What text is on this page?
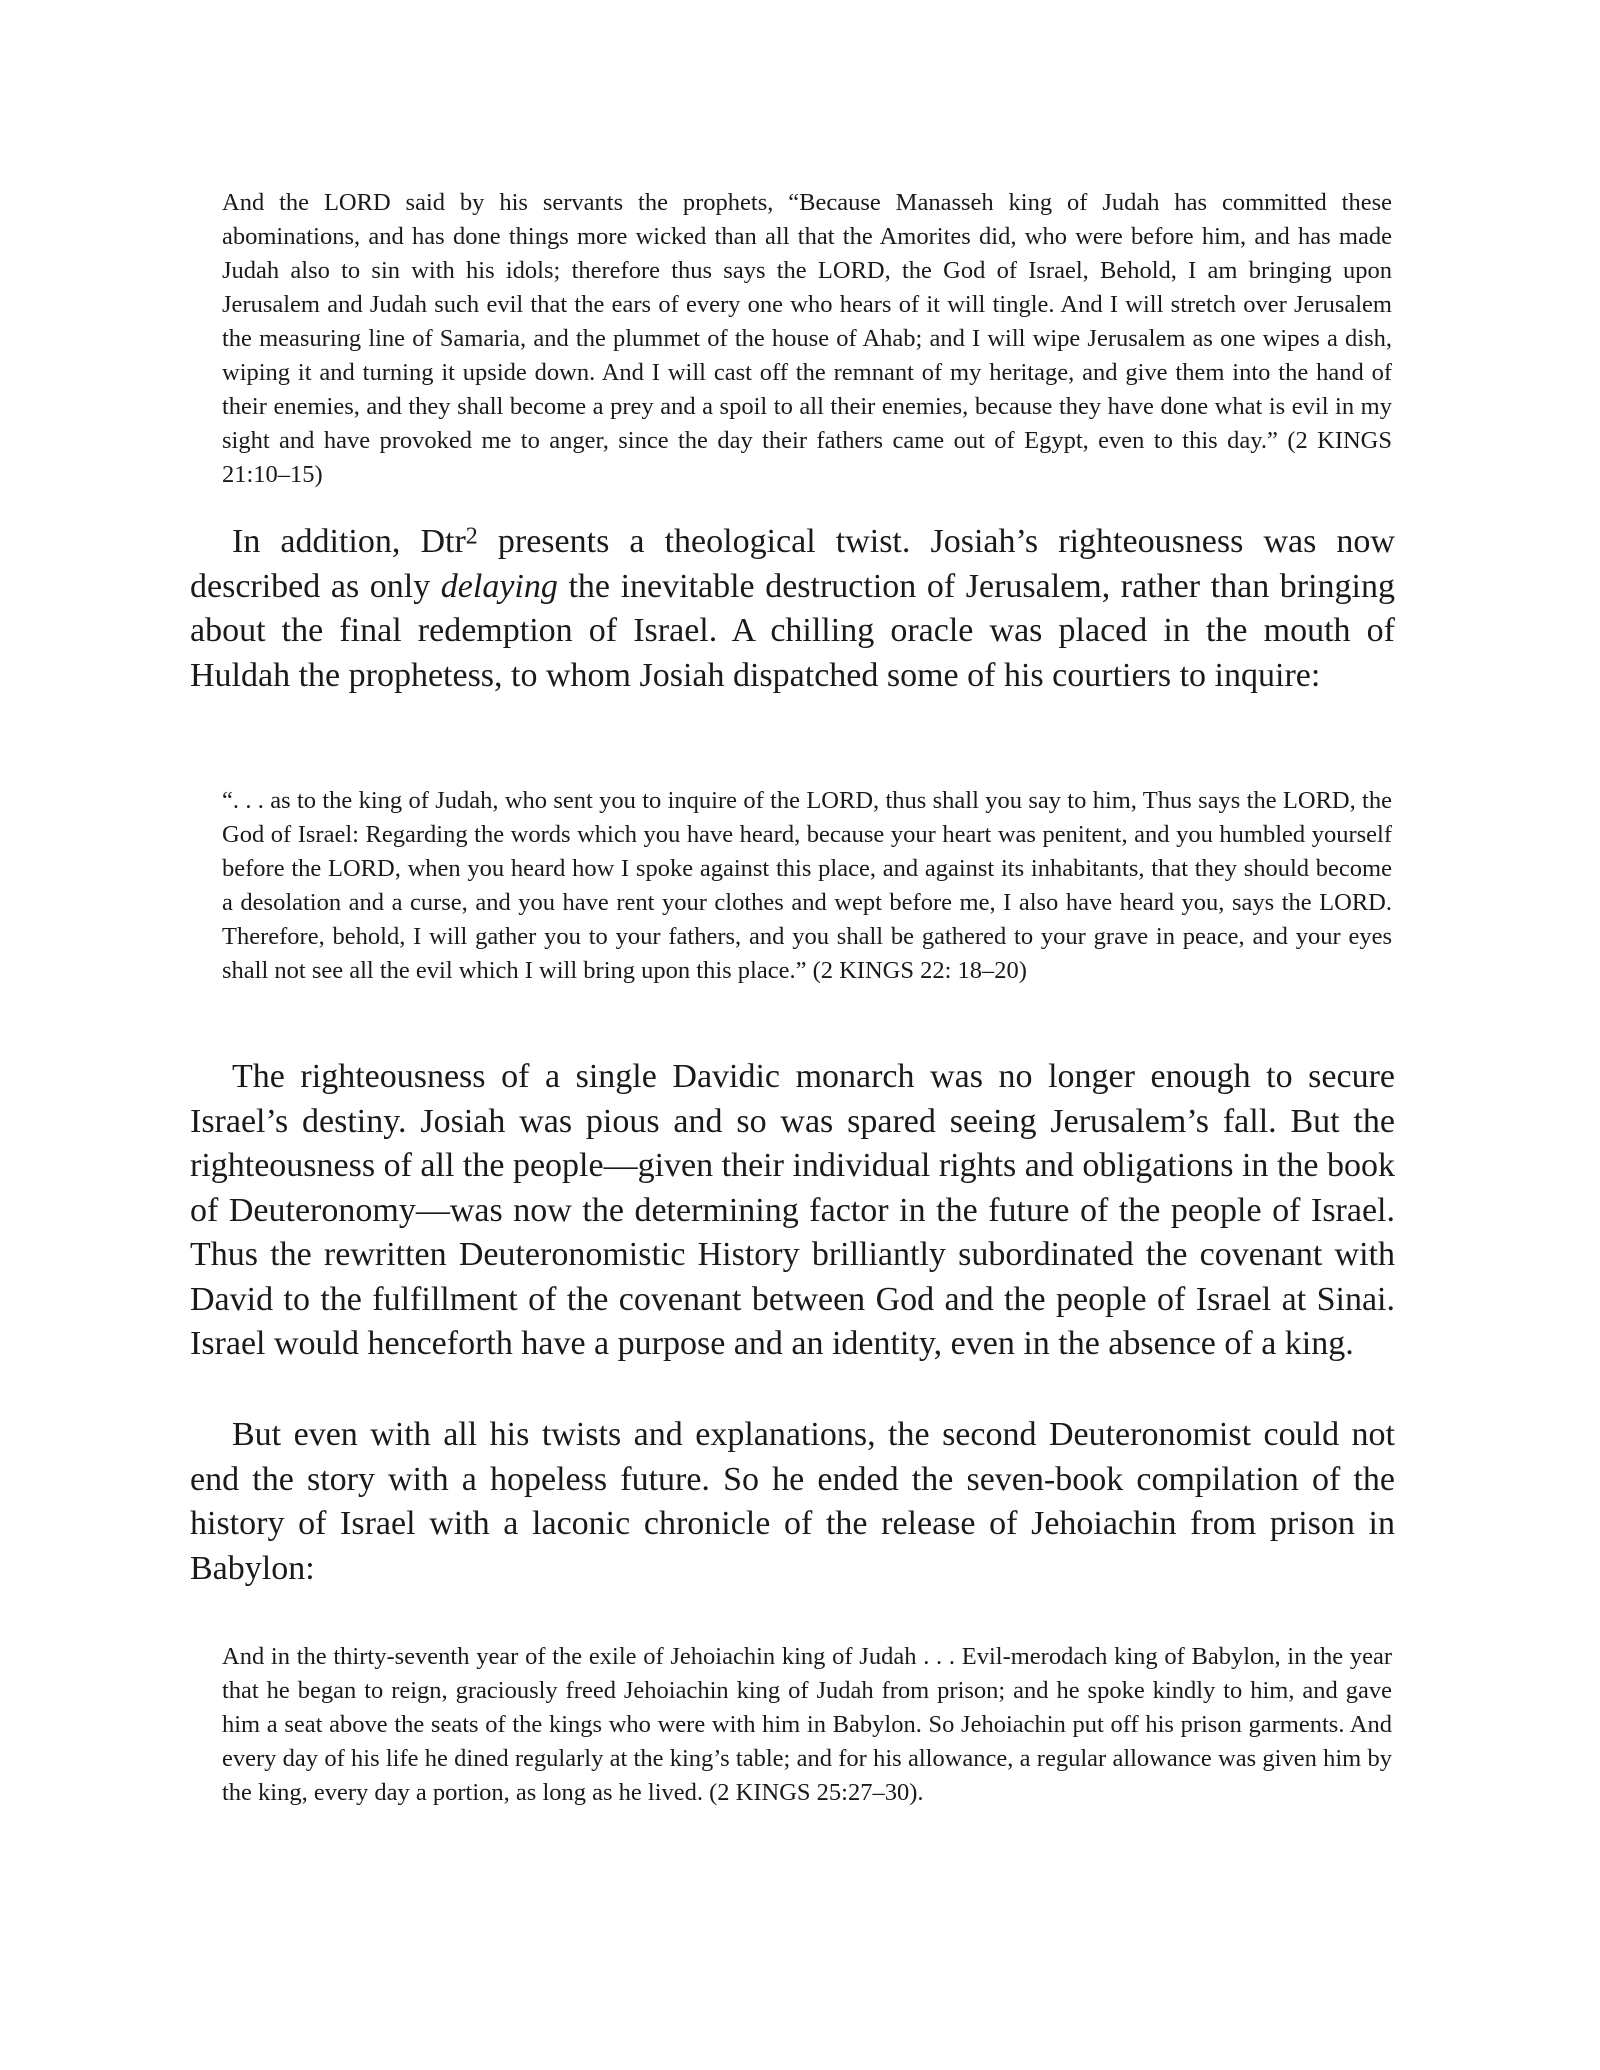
And the LORD said by his servants the prophets, “Because Manasseh king of Judah has committed these abominations, and has done things more wicked than all that the Amorites did, who were before him, and has made Judah also to sin with his idols; therefore thus says the LORD, the God of Israel, Behold, I am bringing upon Jerusalem and Judah such evil that the ears of every one who hears of it will tingle. And I will stretch over Jerusalem the measuring line of Samaria, and the plummet of the house of Ahab; and I will wipe Jerusalem as one wipes a dish, wiping it and turning it upside down. And I will cast off the remnant of my heritage, and give them into the hand of their enemies, and they shall become a prey and a spoil to all their enemies, because they have done what is evil in my sight and have provoked me to anger, since the day their fathers came out of Egypt, even to this day.” (2 KINGS 21:10–15)

In addition, Dtr$^2$ presents a theological twist. Josiah’s righteousness was now described as only delaying the inevitable destruction of Jerusalem, rather than bringing about the final redemption of Israel. A chilling oracle was placed in the mouth of Huldah the prophetess, to whom Josiah dispatched some of his courtiers to inquire:

“. . . as to the king of Judah, who sent you to inquire of the LORD, thus shall you say to him, Thus says the LORD, the God of Israel: Regarding the words which you have heard, because your heart was penitent, and you humbled yourself before the LORD, when you heard how I spoke against this place, and against its inhabitants, that they should become a desolation and a curse, and you have rent your clothes and wept before me, I also have heard you, says the LORD. Therefore, behold, I will gather you to your fathers, and you shall be gathered to your grave in peace, and your eyes shall not see all the evil which I will bring upon this place.” (2 KINGS 22: 18–20)

The righteousness of a single Davidic monarch was no longer enough to secure Israel’s destiny. Josiah was pious and so was spared seeing Jerusalem’s fall. But the righteousness of all the people—given their individual rights and obligations in the book of Deuteronomy—was now the determining factor in the future of the people of Israel. Thus the rewritten Deuteronomistic History brilliantly subordinated the covenant with David to the fulfillment of the covenant between God and the people of Israel at Sinai. Israel would henceforth have a purpose and an identity, even in the absence of a king.

But even with all his twists and explanations, the second Deuteronomist could not end the story with a hopeless future. So he ended the seven-book compilation of the history of Israel with a laconic chronicle of the release of Jehoiachin from prison in Babylon:

And in the thirty-seventh year of the exile of Jehoiachin king of Judah . . . Evil-merodach king of Babylon, in the year that he began to reign, graciously freed Jehoiachin king of Judah from prison; and he spoke kindly to him, and gave him a seat above the seats of the kings who were with him in Babylon. So Jehoiachin put off his prison garments. And every day of his life he dined regularly at the king’s table; and for his allowance, a regular allowance was given him by the king, every day a portion, as long as he lived. (2 KINGS 25:27–30).
